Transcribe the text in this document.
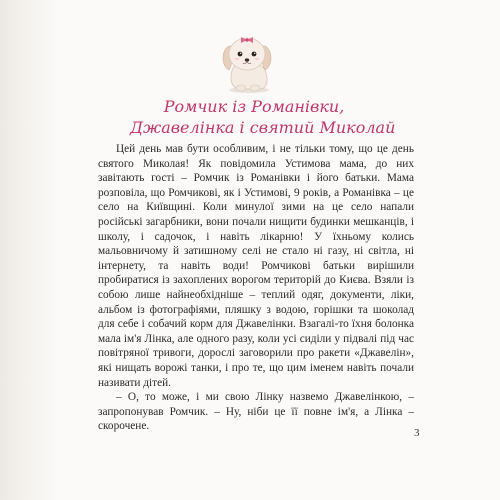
Ромчик із Романівки,
Джавелінка і святий Миколай

Цей день мав бути особливим, і не тільки тому, що це день святого Миколая! Як повідомила Устимова мама, до них завітають гості – Ромчик із Романівки і його батьки. Мама розповіла, що Ромчикові, як і Устимові, 9 років, а Романівка – це село на Київщині. Коли минулої зими на це село напали російські загарбники, вони почали нищити будинки мешканців, і школу, і садочок, і навіть лікарню! У їхньому колись мальовничому й затишному селі не стало ні газу, ні світла, ні інтернету, та навіть води! Ромчикові батьки вирішили пробиратися із захоплених ворогом територій до Києва. Взяли із собою лише найнеобхідніше – теплий одяг, документи, ліки, альбом із фотографіями, пляшку з водою, горішки та шоколад для себе і собачий корм для Джавелінки. Взагалі-то їхня болонка мала ім'я Лінка, але одного разу, коли усі сиділи у підвалі під час повітряної тривоги, дорослі заговорили про ракети «Джавелін», які нищать ворожі танки, і про те, що цим іменем навіть почали називати дітей.

– О, то може, і ми свою Лінку назвемо Джавелінкою, – запропонував Ромчик. – Ну, ніби це її повне ім'я, а Лінка – скорочене.

3
